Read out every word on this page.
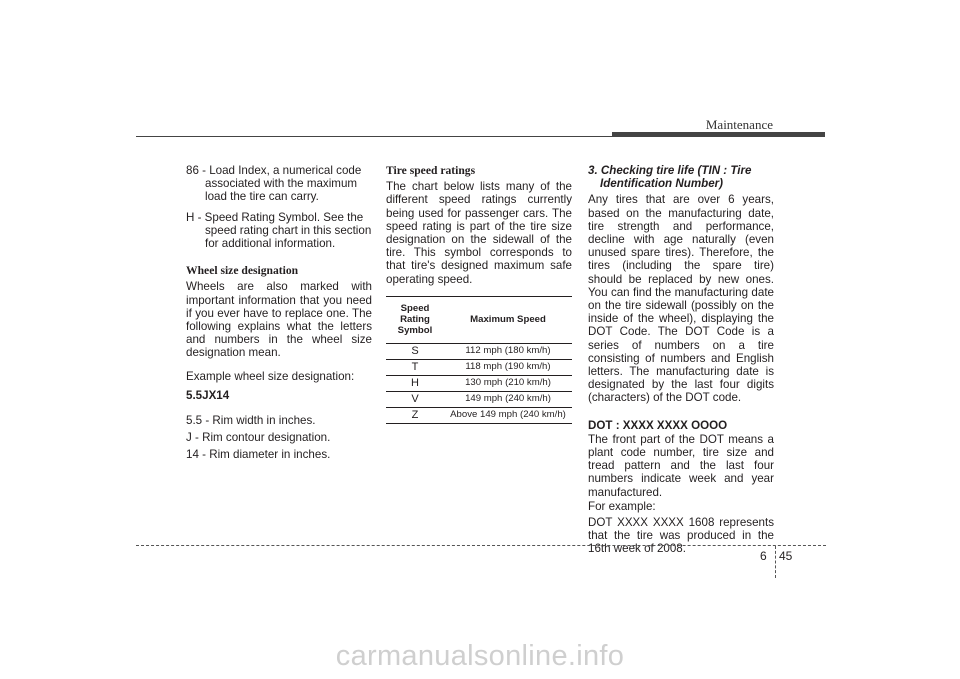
Maintenance

86 - Load Index, a numerical code associated with the maximum load the tire can carry.

H - Speed Rating Symbol. See the speed rating chart in this section for additional information.

Wheel size designation

Wheels are also marked with important information that you need if you ever have to replace one. The following explains what the letters and numbers in the wheel size designation mean.

Example wheel size designation:

5.5JX14

5.5 - Rim width in inches.

J - Rim contour designation.

14 - Rim diameter in inches.

Tire speed ratings

The chart below lists many of the different speed ratings currently being used for passenger cars. The speed rating is part of the tire size designation on the sidewall of the tire. This symbol corresponds to that tire's designed maximum safe operating speed.

Speed Rating Symbol	Maximum Speed
S	112 mph (180 km/h)
T	118 mph (190 km/h)
H	130 mph (210 km/h)
V	149 mph (240 km/h)
Z	Above 149 mph (240 km/h)

3. Checking tire life (TIN : Tire Identification Number)

Any tires that are over 6 years, based on the manufacturing date, tire strength and performance, decline with age naturally (even unused spare tires). Therefore, the tires (including the spare tire) should be replaced by new ones. You can find the manufacturing date on the tire sidewall (possibly on the inside of the wheel), displaying the DOT Code. The DOT Code is a series of numbers on a tire consisting of numbers and English letters. The manufacturing date is designated by the last four digits (characters) of the DOT code.

DOT : XXXX XXXX OOOO

The front part of the DOT means a plant code number, tire size and tread pattern and the last four numbers indicate week and year manufactured.

For example:

DOT XXXX XXXX 1608 represents that the tire was produced in the 16th week of 2008.

6 45
carmanualsonline.info
